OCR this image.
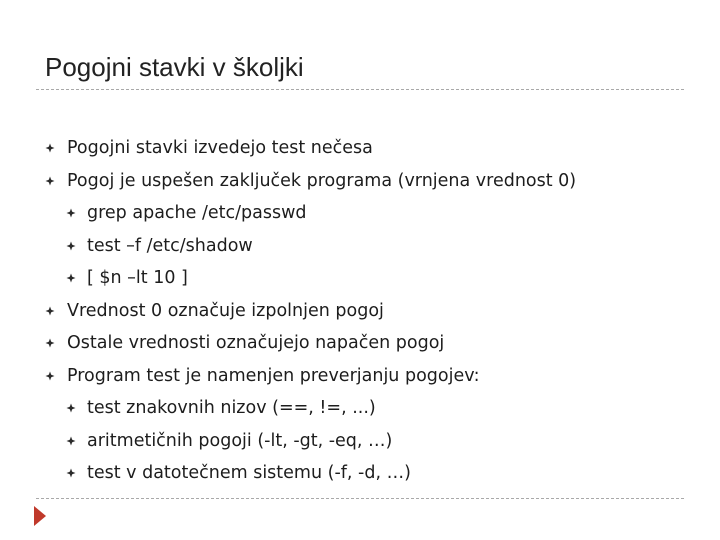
Pogojni stavki v školjki
Pogojni stavki izvedejo test nečesa
Pogoj je uspešen zaključek programa (vrnjena vrednost 0)
grep apache /etc/passwd
test –f /etc/shadow
[ $n –lt 10 ]
Vrednost 0 označuje izpolnjen pogoj
Ostale vrednosti označujejo napačen pogoj
Program test je namenjen preverjanju pogojev:
test znakovnih nizov (==, !=, ...)
aritmetičnih pogoji (-lt, -gt, -eq, …)
test v datotečnem sistemu (-f, -d, …)
